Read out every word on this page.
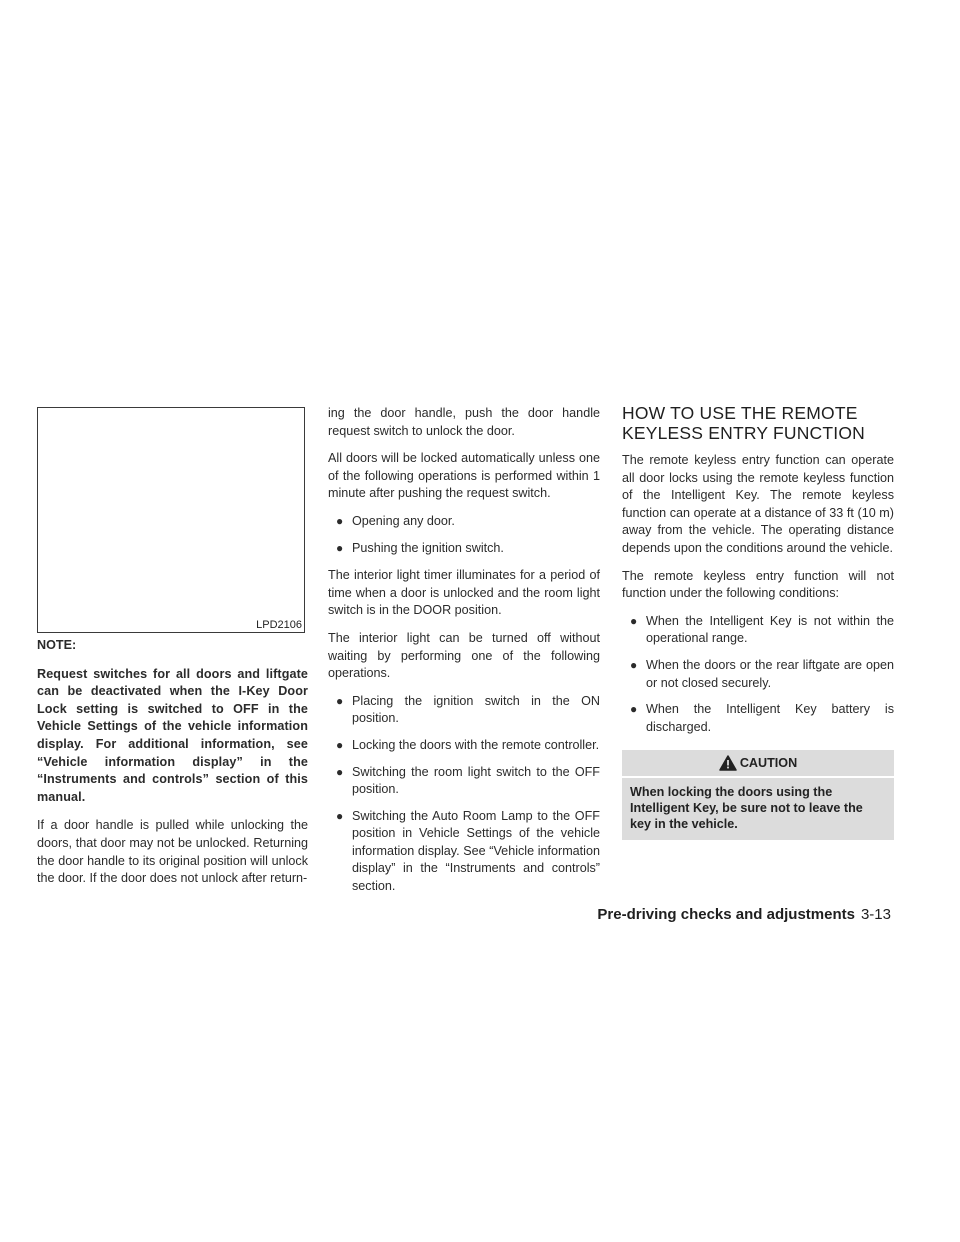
LPD2106

NOTE:

Request switches for all doors and liftgate can be deactivated when the I-Key Door Lock setting is switched to OFF in the Vehicle Settings of the vehicle information display. For additional information, see “Vehicle information display” in the “Instruments and controls” section of this manual.

If a door handle is pulled while unlocking the doors, that door may not be unlocked. Returning the door handle to its original position will unlock the door. If the door does not unlock after return-

ing the door handle, push the door handle request switch to unlock the door.

All doors will be locked automatically unless one of the following operations is performed within 1 minute after pushing the request switch.

● Opening any door.
● Pushing the ignition switch.

The interior light timer illuminates for a period of time when a door is unlocked and the room light switch is in the DOOR position.

The interior light can be turned off without waiting by performing one of the following operations.

● Placing the ignition switch in the ON position.
● Locking the doors with the remote controller.
● Switching the room light switch to the OFF position.
● Switching the Auto Room Lamp to the OFF position in Vehicle Settings of the vehicle information display. See “Vehicle information display” in the “Instruments and controls” section.
HOW TO USE THE REMOTE
KEYLESS ENTRY FUNCTION

The remote keyless entry function can operate all door locks using the remote keyless function of the Intelligent Key. The remote keyless function can operate at a distance of 33 ft (10 m) away from the vehicle. The operating distance depends upon the conditions around the vehicle.

The remote keyless entry function will not function under the following conditions:

● When the Intelligent Key is not within the operational range.
● When the doors or the rear liftgate are open or not closed securely.
● When the Intelligent Key battery is discharged.
CAUTION
When locking the doors using the Intelligent Key, be sure not to leave the key in the vehicle.
Pre-driving checks and adjustments 3-13
